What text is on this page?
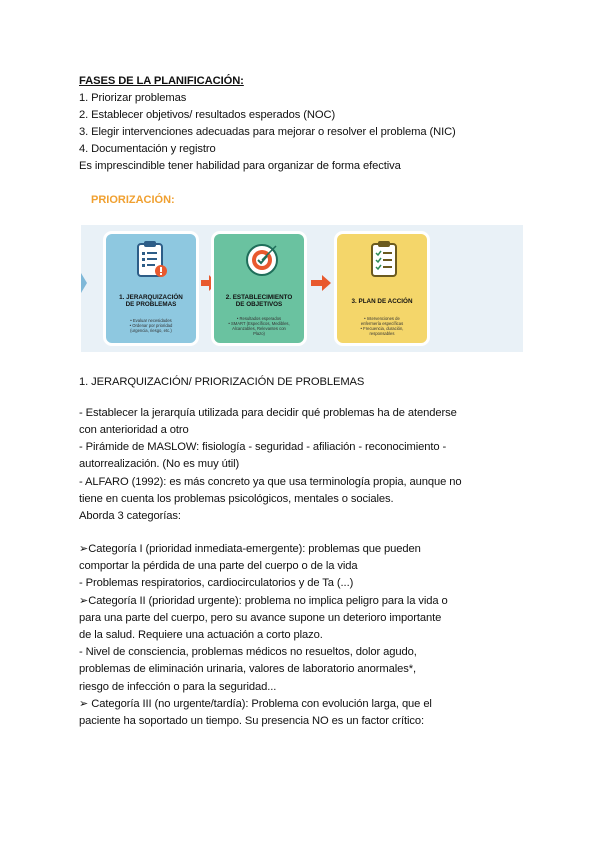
FASES DE LA PLANIFICACIÓN:
1. Priorizar problemas
2. Establecer objetivos/ resultados esperados (NOC)
3. Elegir intervenciones adecuadas para mejorar o resolver el problema (NIC)
4. Documentación y registro
Es imprescindible tener habilidad para organizar de forma efectiva
PRIORIZACIÓN:
1. JERARQUIZACIÓN
DE PROBLEMAS
• Evaluar necesidades
• Ordenar por prioridad
(urgencia, riesgo, etc.)
2. ESTABLECIMIENTO
DE OBJETIVOS
• Resultados esperados
• SMART (Específicos, Medibles,
Alcanzables, Relevantes con
Plazo)
3. PLAN DE ACCIÓN
• Intervenciones de
enfermería específicas
• Frecuencia, duración,
responsables
1. JERARQUIZACIÓN/ PRIORIZACIÓN DE PROBLEMAS
- Establecer la jerarquía utilizada para decidir qué problemas ha de atenderse
con anterioridad a otro
- Pirámide de MASLOW: fisiología - seguridad - afiliación - reconocimiento -
autorrealización. (No es muy útil)
- ALFARO (1992): es más concreto ya que usa terminología propia, aunque no
tiene en cuenta los problemas psicológicos, mentales o sociales.
Aborda 3 categorías:
➢Categoría I (prioridad inmediata-emergente): problemas que pueden
comportar la pérdida de una parte del cuerpo o de la vida
- Problemas respiratorios, cardiocirculatorios y de Ta (...)
➢Categoría II (prioridad urgente): problema no implica peligro para la vida o
para una parte del cuerpo, pero su avance supone un deterioro importante
de la salud. Requiere una actuación a corto plazo.
- Nivel de consciencia, problemas médicos no resueltos, dolor agudo,
problemas de eliminación urinaria, valores de laboratorio anormales*,
riesgo de infección o para la seguridad...
➢ Categoría III (no urgente/tardía): Problema con evolución larga, que el
paciente ha soportado un tiempo. Su presencia NO es un factor crítico:
